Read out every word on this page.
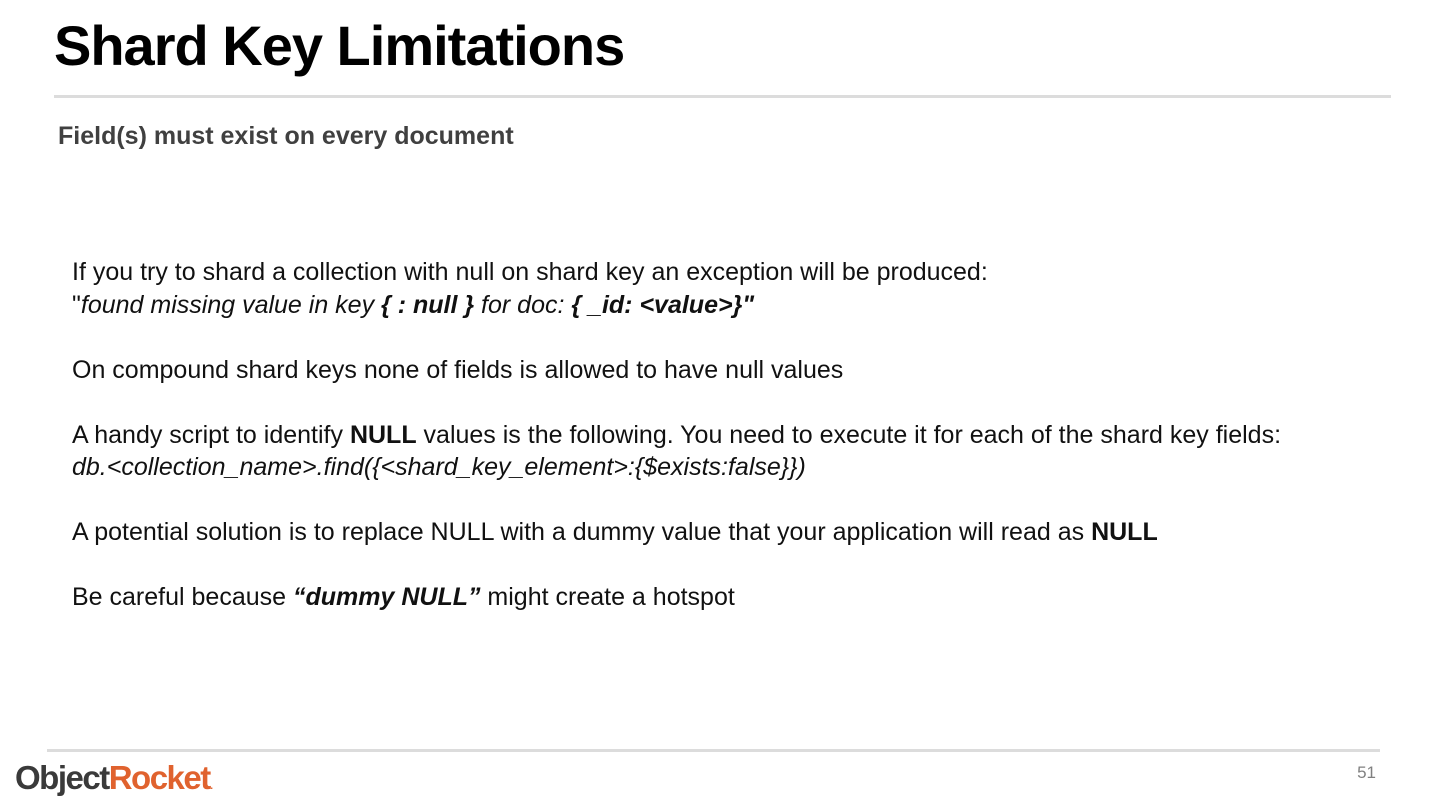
Shard Key Limitations
Field(s) must exist on every document

If you try to shard a collection with null on shard key an exception will be produced:
"found missing value in key { : null } for doc: { _id: <value>}"

On compound shard keys none of fields is allowed to have null values

A handy script to identify NULL values is the following. You need to execute it for each of the shard key fields:
db.<collection_name>.find({<shard_key_element>:{$exists:false}})

A potential solution is to replace NULL with a dummy value that your application will read as NULL

Be careful because “dummy NULL” might create a hotspot

ObjectRocket.
51
